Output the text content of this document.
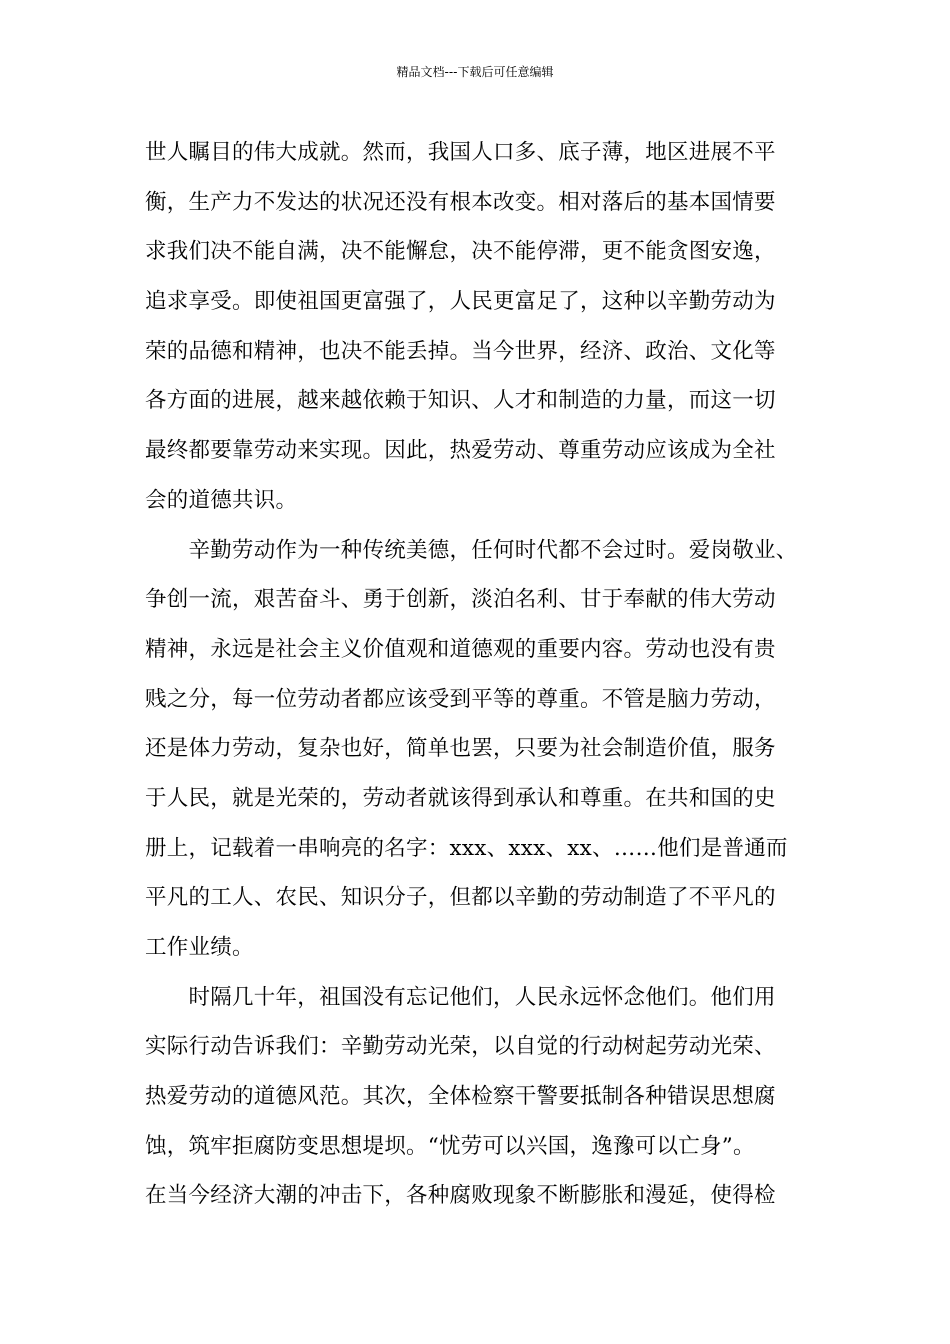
精品文档---下载后可任意编辑
世人瞩目的伟大成就。然而，我国人口多、底子薄，地区进展不平
衡，生产力不发达的状况还没有根本改变。相对落后的基本国情要
求我们决不能自满，决不能懈怠，决不能停滞，更不能贪图安逸，
追求享受。即使祖国更富强了，人民更富足了，这种以辛勤劳动为
荣的品德和精神，也决不能丢掉。当今世界，经济、政治、文化等
各方面的进展，越来越依赖于知识、人才和制造的力量，而这一切
最终都要靠劳动来实现。因此，热爱劳动、尊重劳动应该成为全社
会的道德共识。
　　辛勤劳动作为一种传统美德，任何时代都不会过时。爱岗敬业、
争创一流，艰苦奋斗、勇于创新，淡泊名利、甘于奉献的伟大劳动
精神，永远是社会主义价值观和道德观的重要内容。劳动也没有贵
贱之分，每一位劳动者都应该受到平等的尊重。不管是脑力劳动，
还是体力劳动，复杂也好，简单也罢，只要为社会制造价值，服务
于人民，就是光荣的，劳动者就该得到承认和尊重。在共和国的史
册上，记载着一串响亮的名字：xxx、xxx、xx、……他们是普通而
平凡的工人、农民、知识分子，但都以辛勤的劳动制造了不平凡的
工作业绩。
　　时隔几十年，祖国没有忘记他们，人民永远怀念他们。他们用
实际行动告诉我们：辛勤劳动光荣，以自觉的行动树起劳动光荣、
热爱劳动的道德风范。其次，全体检察干警要抵制各种错误思想腐
蚀，筑牢拒腐防变思想堤坝。“忧劳可以兴国，逸豫可以亡身”。
在当今经济大潮的冲击下，各种腐败现象不断膨胀和漫延，使得检
